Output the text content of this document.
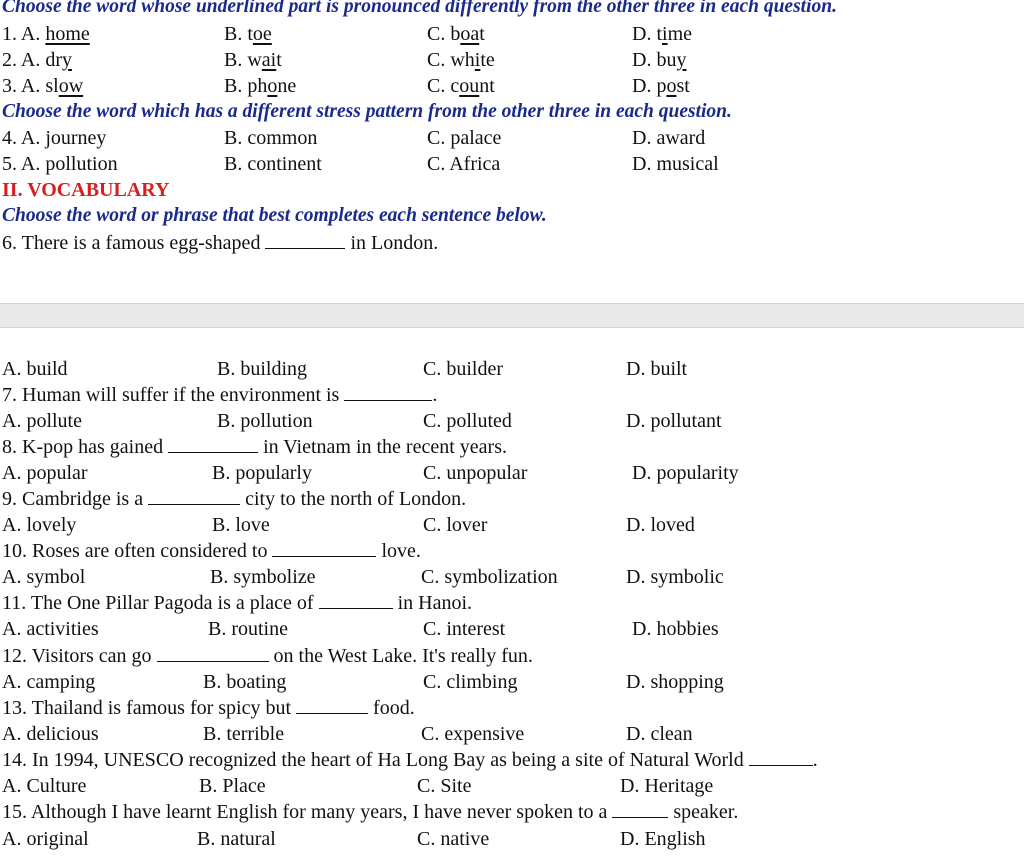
Choose the word whose underlined part is pronounced differently from the other three in each question.
1. A. home	B. toe	C. boat	D. time
2. A. dry	B. wait	C. white	D. buy
3. A. slow	B. phone	C. count	D. post
Choose the word which has a different stress pattern from the other three in each question.
4. A. journey	B. common	C. palace	D. award
5. A. pollution	B. continent	C. Africa	D. musical
II. VOCABULARY
Choose the word or phrase that best completes each sentence below.
6. There is a famous egg-shaped	in London.
A. build	B. building	C. builder	D. built
7. Human will suffer if the environment is	.
A. pollute	B. pollution	C. polluted	D. pollutant
8. K-pop has gained	in Vietnam in the recent years.
A. popular	B. popularly	C. unpopular	D. popularity
9. Cambridge is a	city to the north of London.
A. lovely	B. love	C. lover	D. loved
10. Roses are often considered to	love.
A. symbol	B. symbolize	C. symbolization	D. symbolic
11. The One Pillar Pagoda is a place of	in Hanoi.
A. activities	B. routine	C. interest	D. hobbies
12. Visitors can go	on the West Lake. It's really fun.
A. camping	B. boating	C. climbing	D. shopping
13. Thailand is famous for spicy but	food.
A. delicious	B. terrible	C. expensive	D. clean
14. In 1994, UNESCO recognized the heart of Ha Long Bay as being a site of Natural World	.
A. Culture	B. Place	C. Site	D. Heritage
15. Although I have learnt English for many years, I have never spoken to a	speaker.
A. original	B. natural	C. native	D. English
